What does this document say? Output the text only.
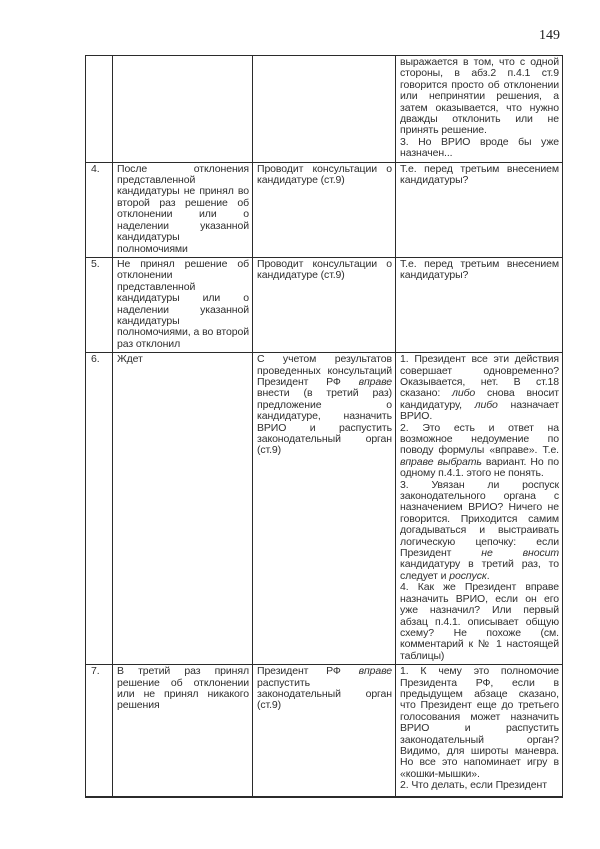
149

			выражается в том, что с одной стороны, в абз.2 п.4.1 ст.9 говорится просто об отклонении или непринятии решения, а затем оказывается, что нужно дважды отклонить или не принять решение.

3. Но ВРИО вроде бы уже назначен...

4.	После отклонения представленной кандидатуры не принял во второй раз решение об отклонении или о наделении указанной кандидатуры полномочиями	Проводит консультации о кандидатуре (ст.9)	Т.е. перед третьим внесением кандидатуры?

5.	Не принял решение об отклонении представленной кандидатуры или о наделении указанной кандидатуры полномочиями, а во второй раз отклонил	Проводит консультации о кандидатуре (ст.9)	Т.е. перед третьим внесением кандидатуры?

6.	Ждет	С учетом результатов проведенных консультаций Президент РФ вправе внести (в третий раз) предложение о кандидатуре, назначить ВРИО и распустить законодательный орган (ст.9)	1. Президент все эти действия совершает одновременно? Оказывается, нет. В ст.18 сказано: либо снова вносит кандидатуру, либо назначает ВРИО.

2. Это есть и ответ на возможное недоумение по поводу формулы «вправе». Т.е. вправе выбрать вариант. Но по одному п.4.1. этого не понять.

3. Увязан ли роспуск законодательного органа с назначением ВРИО? Ничего не говорится. Приходится самим догадываться и выстраивать логическую цепочку: если Президент не вносит кандидатуру в третий раз, то следует и роспуск.

4. Как же Президент вправе назначить ВРИО, если он его уже назначил? Или первый абзац п.4.1. описывает общую схему? Не похоже (см. комментарий к № 1 настоящей таблицы)

7.	В третий раз принял решение об отклонении или не принял никакого решения	Президент РФ вправе распустить законодательный орган (ст.9)	1. К чему это полномочие Президента РФ, если в предыдущем абзаце сказано, что Президент еще до третьего голосования может назначить ВРИО и распустить законодательный орган? Видимо, для широты маневра. Но все это напоминает игру в «кошки-мышки».

2. Что делать, если Президент
